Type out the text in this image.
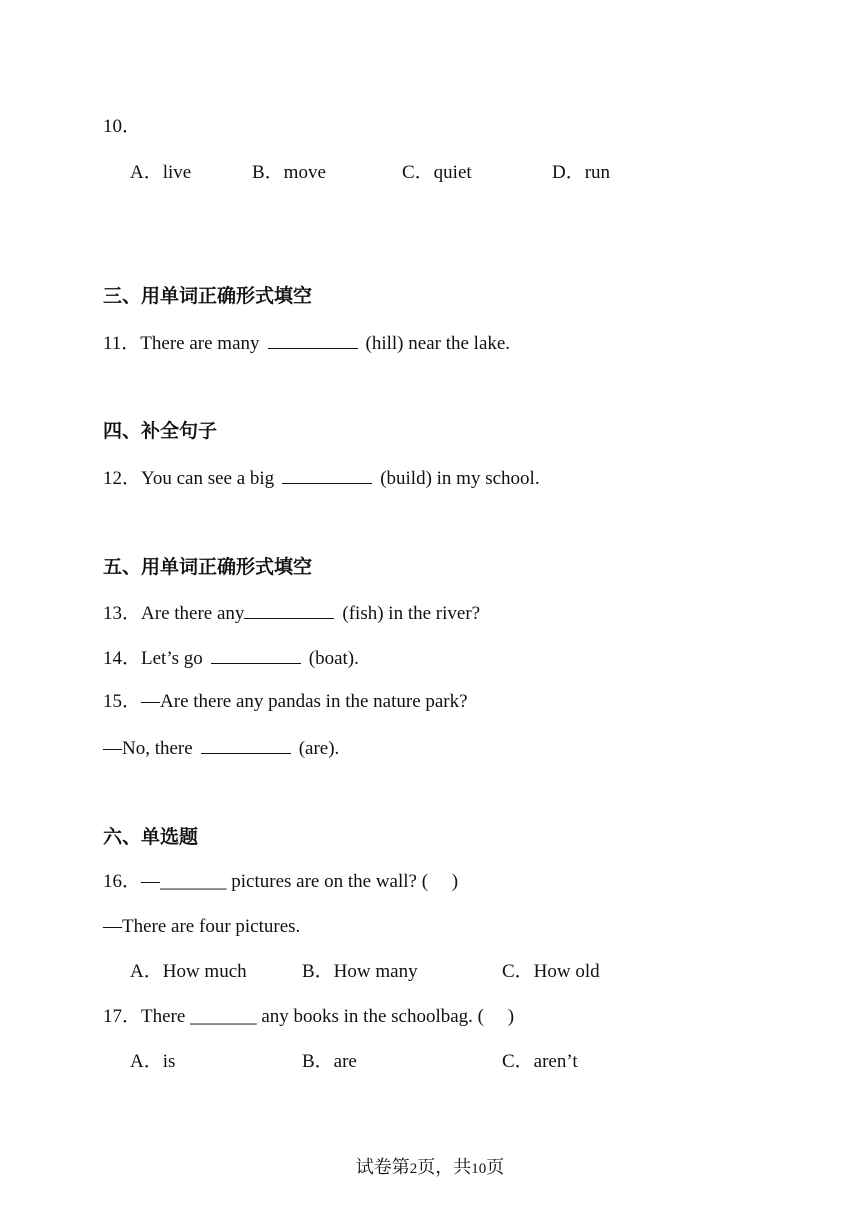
10．
A．live	B．move	C．quiet	D．run
三、用单词正确形式填空
11．There are many	(hill) near the lake.
四、补全句子
12．You can see a big	(build) in my school.
五、用单词正确形式填空
13．Are there any	(fish) in the river?
14．Let’s go	(boat).
15．—Are there any pandas in the nature park?
—No, there	(are).
六、单选题
16．—_______ pictures are on the wall? (     )
—There are four pictures.
A．How much	B．How many	C．How old
17．There _______ any books in the schoolbag. (     )
A．is	B．are	C．aren’t
试卷第2页，共10页
